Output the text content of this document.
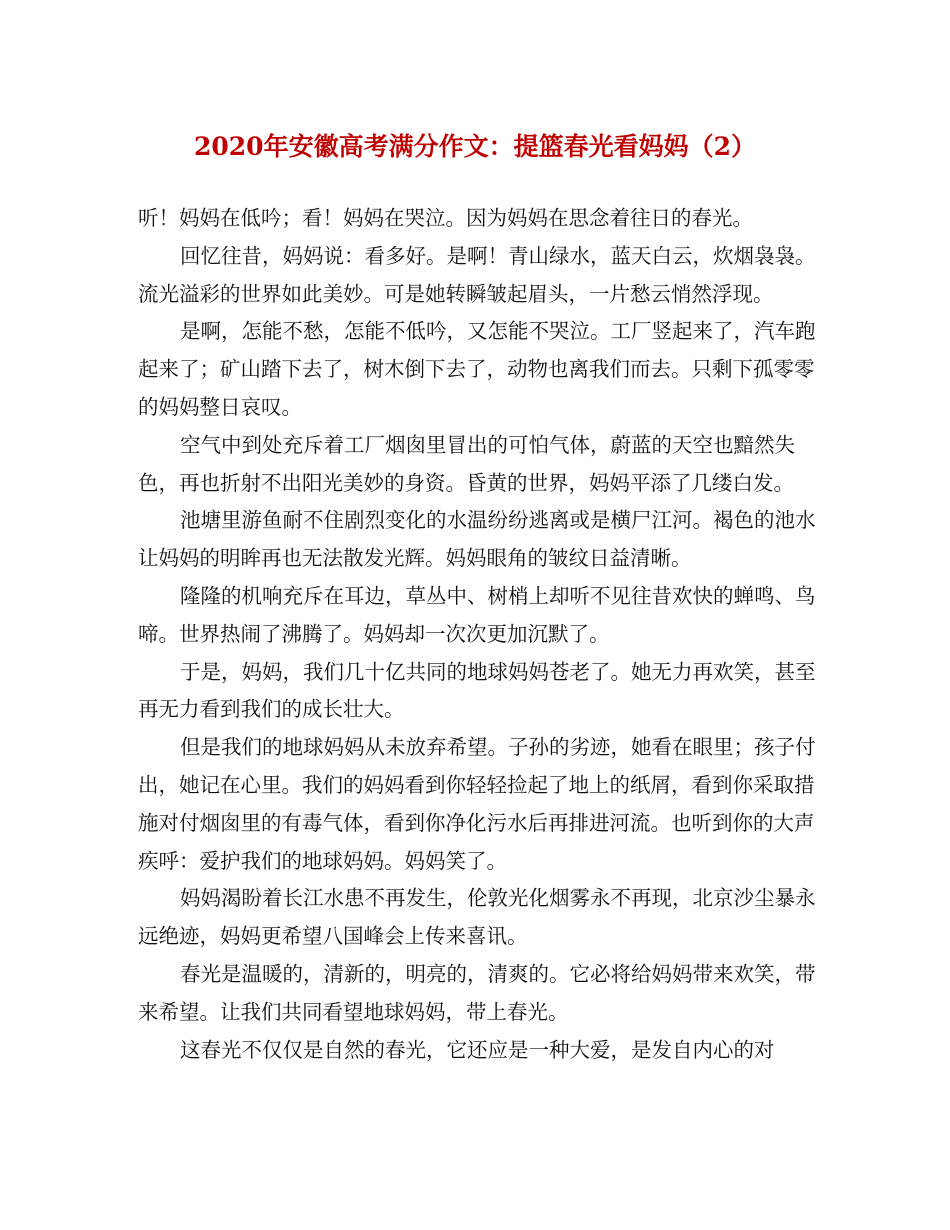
2020年安徽高考满分作文：提篮春光看妈妈（2）

听！妈妈在低吟；看！妈妈在哭泣。因为妈妈在思念着往日的春光。

回忆往昔，妈妈说：看多好。是啊！青山绿水，蓝天白云，炊烟袅袅。流光溢彩的世界如此美妙。可是她转瞬皱起眉头，一片愁云悄然浮现。

是啊，怎能不愁，怎能不低吟，又怎能不哭泣。工厂竖起来了，汽车跑起来了；矿山踏下去了，树木倒下去了，动物也离我们而去。只剩下孤零零的妈妈整日哀叹。

空气中到处充斥着工厂烟囱里冒出的可怕气体，蔚蓝的天空也黯然失色，再也折射不出阳光美妙的身资。昏黄的世界，妈妈平添了几缕白发。

池塘里游鱼耐不住剧烈变化的水温纷纷逃离或是横尸江河。褐色的池水让妈妈的明眸再也无法散发光辉。妈妈眼角的皱纹日益清晰。

隆隆的机响充斥在耳边，草丛中、树梢上却听不见往昔欢快的蝉鸣、鸟啼。世界热闹了沸腾了。妈妈却一次次更加沉默了。

于是，妈妈，我们几十亿共同的地球妈妈苍老了。她无力再欢笑，甚至再无力看到我们的成长壮大。

但是我们的地球妈妈从未放弃希望。子孙的劣迹，她看在眼里；孩子付出，她记在心里。我们的妈妈看到你轻轻捡起了地上的纸屑，看到你采取措施对付烟囱里的有毒气体，看到你净化污水后再排进河流。也听到你的大声疾呼：爱护我们的地球妈妈。妈妈笑了。

妈妈渴盼着长江水患不再发生，伦敦光化烟雾永不再现，北京沙尘暴永远绝迹，妈妈更希望八国峰会上传来喜讯。

春光是温暖的，清新的，明亮的，清爽的。它必将给妈妈带来欢笑，带来希望。让我们共同看望地球妈妈，带上春光。

这春光不仅仅是自然的春光，它还应是一种大爱，是发自内心的对
